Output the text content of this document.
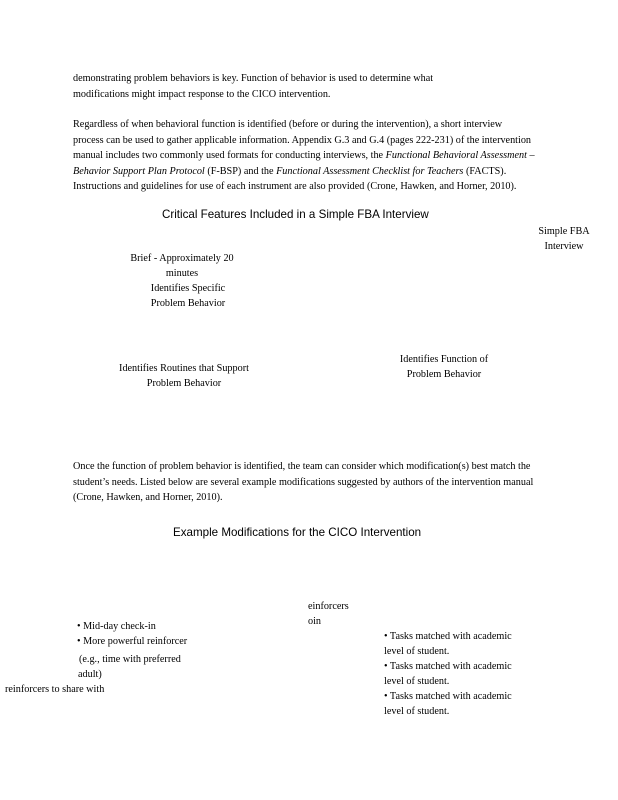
demonstrating problem behaviors is key. Function of behavior is used to determine what

modifications might impact response to the CICO intervention.

Regardless of when behavioral function is identified (before or during the intervention), a short interview process can be used to gather applicable information. Appendix G.3 and G.4 (pages 222-231) of the intervention manual includes two commonly used formats for conducting interviews, the Functional Behavioral Assessment – Behavior Support Plan Protocol (F-BSP) and the Functional Assessment Checklist for Teachers (FACTS). Instructions and guidelines for use of each instrument are also provided (Crone, Hawken, and Horner, 2010).

Critical Features Included in a Simple FBA Interview
Simple FBA Interview
Brief - Approximately 20 minutes
Identifies Specific Problem Behavior
Identifies Routines that Support Problem Behavior
Identifies Function of Problem Behavior

Once the function of problem behavior is identified, the team can consider which modification(s) best match the student’s needs. Listed below are several example modifications suggested by authors of the intervention manual (Crone, Hawken, and Horner, 2010).

Example Modifications for the CICO Intervention
einforcers
oin
• Mid-day check-in
• More powerful reinforcer
(e.g., time with preferred
adult)
reinforcers to share with
• Tasks matched with academic level of student.
• Tasks matched with academic level of student.
• Tasks matched with academic level of student.
